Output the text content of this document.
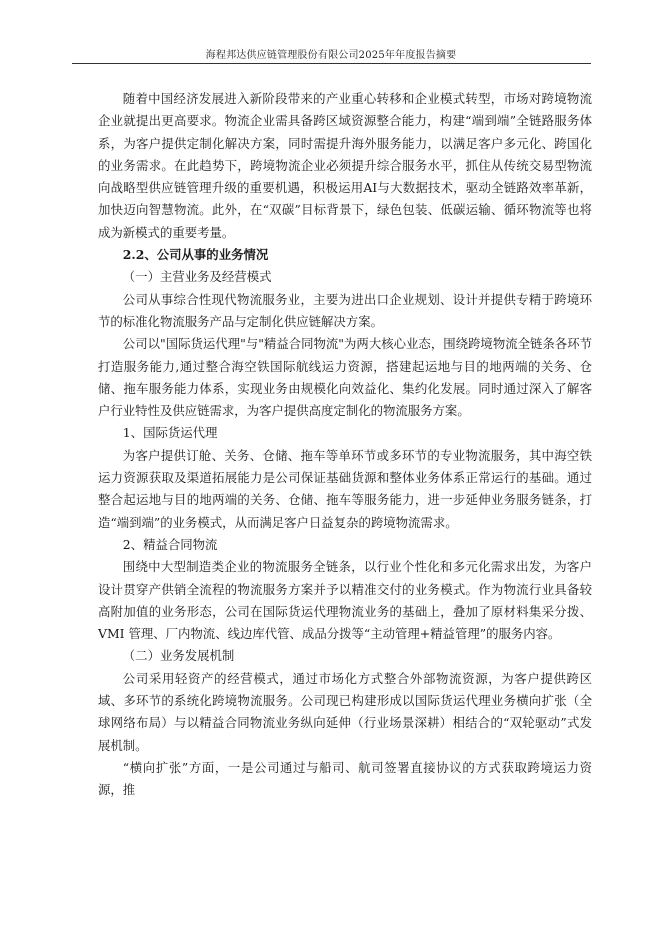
海程邦达供应链管理股份有限公司2025年年度报告摘要

随着中国经济发展进入新阶段带来的产业重心转移和企业模式转型，市场对跨境物流企业就提出更高要求。物流企业需具备跨区域资源整合能力，构建“端到端”全链路服务体系，为客户提供定制化解决方案，同时需提升海外服务能力，以满足客户多元化、跨国化的业务需求。在此趋势下，跨境物流企业必须提升综合服务水平，抓住从传统交易型物流向战略型供应链管理升级的重要机遇，积极运用AI与大数据技术，驱动全链路效率革新，加快迈向智慧物流。此外，在“双碳”目标背景下，绿色包装、低碳运输、循环物流等也将成为新模式的重要考量。

2.2、公司从事的业务情况

（一）主营业务及经营模式

公司从事综合性现代物流服务业，主要为进出口企业规划、设计并提供专精于跨境环节的标准化物流服务产品与定制化供应链解决方案。

公司以"国际货运代理"与"精益合同物流"为两大核心业态，围绕跨境物流全链条各环节打造服务能力,通过整合海空铁国际航线运力资源，搭建起运地与目的地两端的关务、仓储、拖车服务能力体系，实现业务由规模化向效益化、集约化发展。同时通过深入了解客户行业特性及供应链需求，为客户提供高度定制化的物流服务方案。

1、国际货运代理

为客户提供订舱、关务、仓储、拖车等单环节或多环节的专业物流服务，其中海空铁运力资源获取及渠道拓展能力是公司保证基础货源和整体业务体系正常运行的基础。通过整合起运地与目的地两端的关务、仓储、拖车等服务能力，进一步延伸业务服务链条，打造“端到端”的业务模式，从而满足客户日益复杂的跨境物流需求。

2、精益合同物流

围绕中大型制造类企业的物流服务全链条，以行业个性化和多元化需求出发，为客户设计贯穿产供销全流程的物流服务方案并予以精准交付的业务模式。作为物流行业具备较高附加值的业务形态，公司在国际货运代理物流业务的基础上，叠加了原材料集采分拨、VMI 管理、厂内物流、线边库代管、成品分拨等“主动管理+精益管理”的服务内容。

（二）业务发展机制

公司采用轻资产的经营模式，通过市场化方式整合外部物流资源，为客户提供跨区域、多环节的系统化跨境物流服务。公司现已构建形成以国际货运代理业务横向扩张（全球网络布局）与以精益合同物流业务纵向延伸（行业场景深耕）相结合的“双轮驱动”式发展机制。

“横向扩张”方面，一是公司通过与船司、航司签署直接协议的方式获取跨境运力资源，推
